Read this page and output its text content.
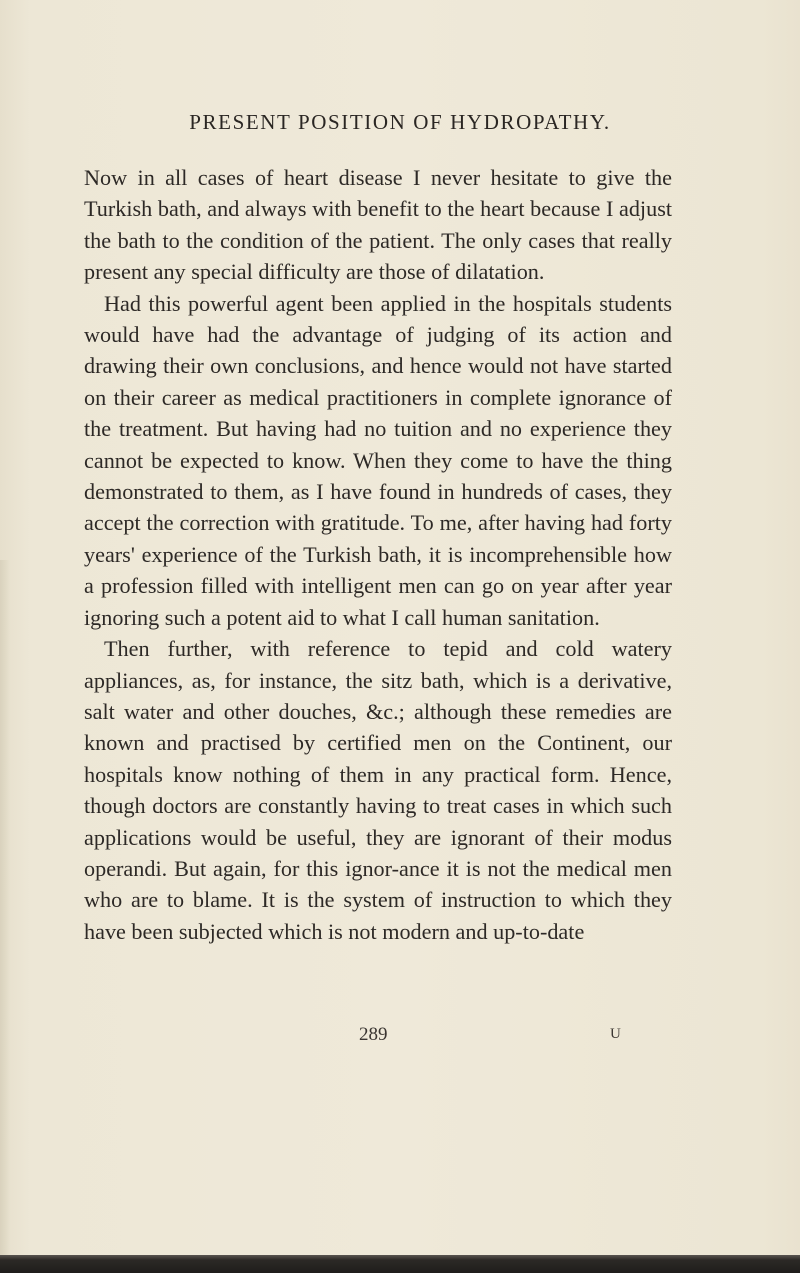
PRESENT POSITION OF HYDROPATHY.

Now in all cases of heart disease I never hesitate to give the Turkish bath, and always with benefit to the heart because I adjust the bath to the condition of the patient. The only cases that really present any special difficulty are those of dilatation.

Had this powerful agent been applied in the hospitals students would have had the advantage of judging of its action and drawing their own conclusions, and hence would not have started on their career as medical practitioners in complete ignorance of the treatment. But having had no tuition and no experience they cannot be expected to know. When they come to have the thing demonstrated to them, as I have found in hundreds of cases, they accept the correction with gratitude. To me, after having had forty years' experience of the Turkish bath, it is incomprehensible how a profession filled with intelligent men can go on year after year ignoring such a potent aid to what I call human sanitation.

Then further, with reference to tepid and cold watery appliances, as, for instance, the sitz bath, which is a derivative, salt water and other douches, &c.; although these remedies are known and practised by certified men on the Continent, our hospitals know nothing of them in any practical form. Hence, though doctors are constantly having to treat cases in which such applications would be useful, they are ignorant of their modus operandi. But again, for this ignor-ance it is not the medical men who are to blame. It is the system of instruction to which they have been subjected which is not modern and up-to-date

289	U
